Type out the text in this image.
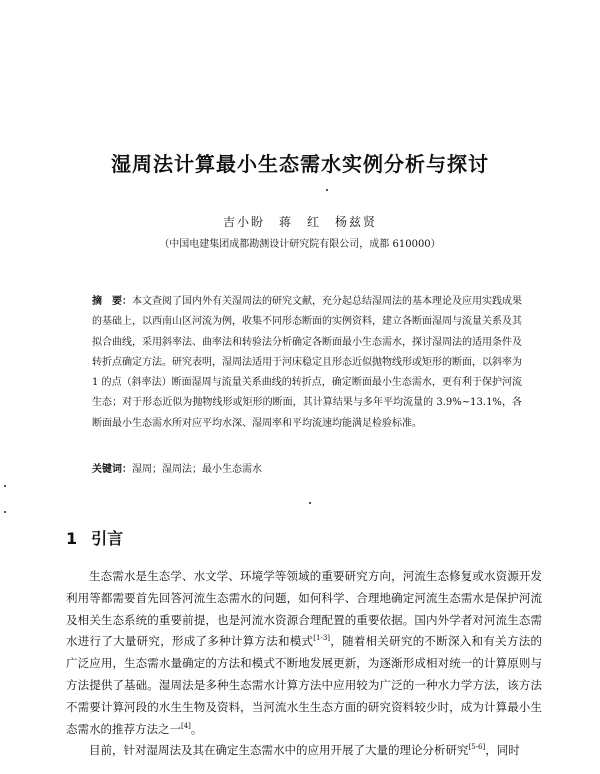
湿周法计算最小生态需水实例分析与探讨
吉小盼　蒋　红　杨兹贤
（中国电建集团成都勘测设计研究院有限公司，成都 610000）
摘　要：本文查阅了国内外有关湿周法的研究文献，充分起总结湿周法的基本理论及应用实践成果的基础上，以西南山区河流为例，收集不同形态断面的实例资料，建立各断面湿周与流量关系及其拟合曲线，采用斜率法、曲率法和转验法分析确定各断面最小生态需水，探讨湿周法的适用条件及转折点确定方法。研究表明，湿周法适用于河床稳定且形态近似抛物线形或矩形的断面，以斜率为 1 的点（斜率法）断面湿周与流量关系曲线的转折点，确定断面最小生态需水，更有利于保护河流生态；对于形态近似为抛物线形或矩形的断面，其计算结果与多年平均流量的 3.9%~13.1%，各断面最小生态需水所对应平均水深、湿周率和平均流速均能满足检验标准。
关键词：湿周；湿周法；最小生态需水
1 引言

生态需水是生态学、水文学、环境学等领域的重要研究方向，河流生态修复或水资源开发利用等都需要首先回答河流生态需水的问题，如何科学、合理地确定河流生态需水是保护河流及相关生态系统的重要前提，也是河流水资源合理配置的重要依据。国内外学者对河流生态需水进行了大量研究，形成了多种计算方法和模式[1-3]，随着相关研究的不断深入和有关方法的广泛应用，生态需水量确定的方法和模式不断地发展更新，为逐渐形成相对统一的计算原则与方法提供了基础。湿周法是多种生态需水计算方法中应用较为广泛的一种水力学方法，该方法不需要计算河段的水生生物及资料，当河流水生生态方面的研究资料较少时，成为计算最小生态需水的推荐方法之一[4]。

目前，针对湿周法及其在确定生态需水中的应用开展了大量的理论分析研究[5-6]，同时
